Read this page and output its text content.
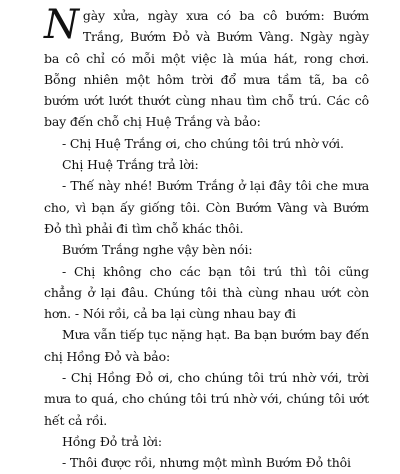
Ngày xửa, ngày xưa có ba cô bướm: Bướm Trắng, Bướm Đỏ và Bướm Vàng. Ngày ngày ba cô chỉ có mỗi một việc là múa hát, rong chơi. Bỗng nhiên một hôm trời đổ mưa tầm tã, ba cô bướm ướt lướt thướt cùng nhau tìm chỗ trú. Các cô bay đến chỗ chị Huệ Trắng và bảo:

- Chị Huệ Trắng ơi, cho chúng tôi trú nhờ với.

Chị Huệ Trắng trả lời:

- Thế này nhé! Bướm Trắng ở lại đây tôi che mưa cho, vì bạn ấy giống tôi. Còn Bướm Vàng và Bướm Đỏ thì phải đi tìm chỗ khác thôi.

Bướm Trắng nghe vậy bèn nói:

- Chị không cho các bạn tôi trú thì tôi cũng chẳng ở lại đâu. Chúng tôi thà cùng nhau ướt còn hơn. - Nói rồi, cả ba lại cùng nhau bay đi

Mưa vẫn tiếp tục nặng hạt. Ba bạn bướm bay đến chị Hồng Đỏ và bảo:

- Chị Hồng Đỏ ơi, cho chúng tôi trú nhờ với, trời mưa to quá, cho chúng tôi trú nhờ với, chúng tôi ướt hết cả rồi.

Hồng Đỏ trả lời:

- Thôi được rồi, nhưng một mình Bướm Đỏ thôi
